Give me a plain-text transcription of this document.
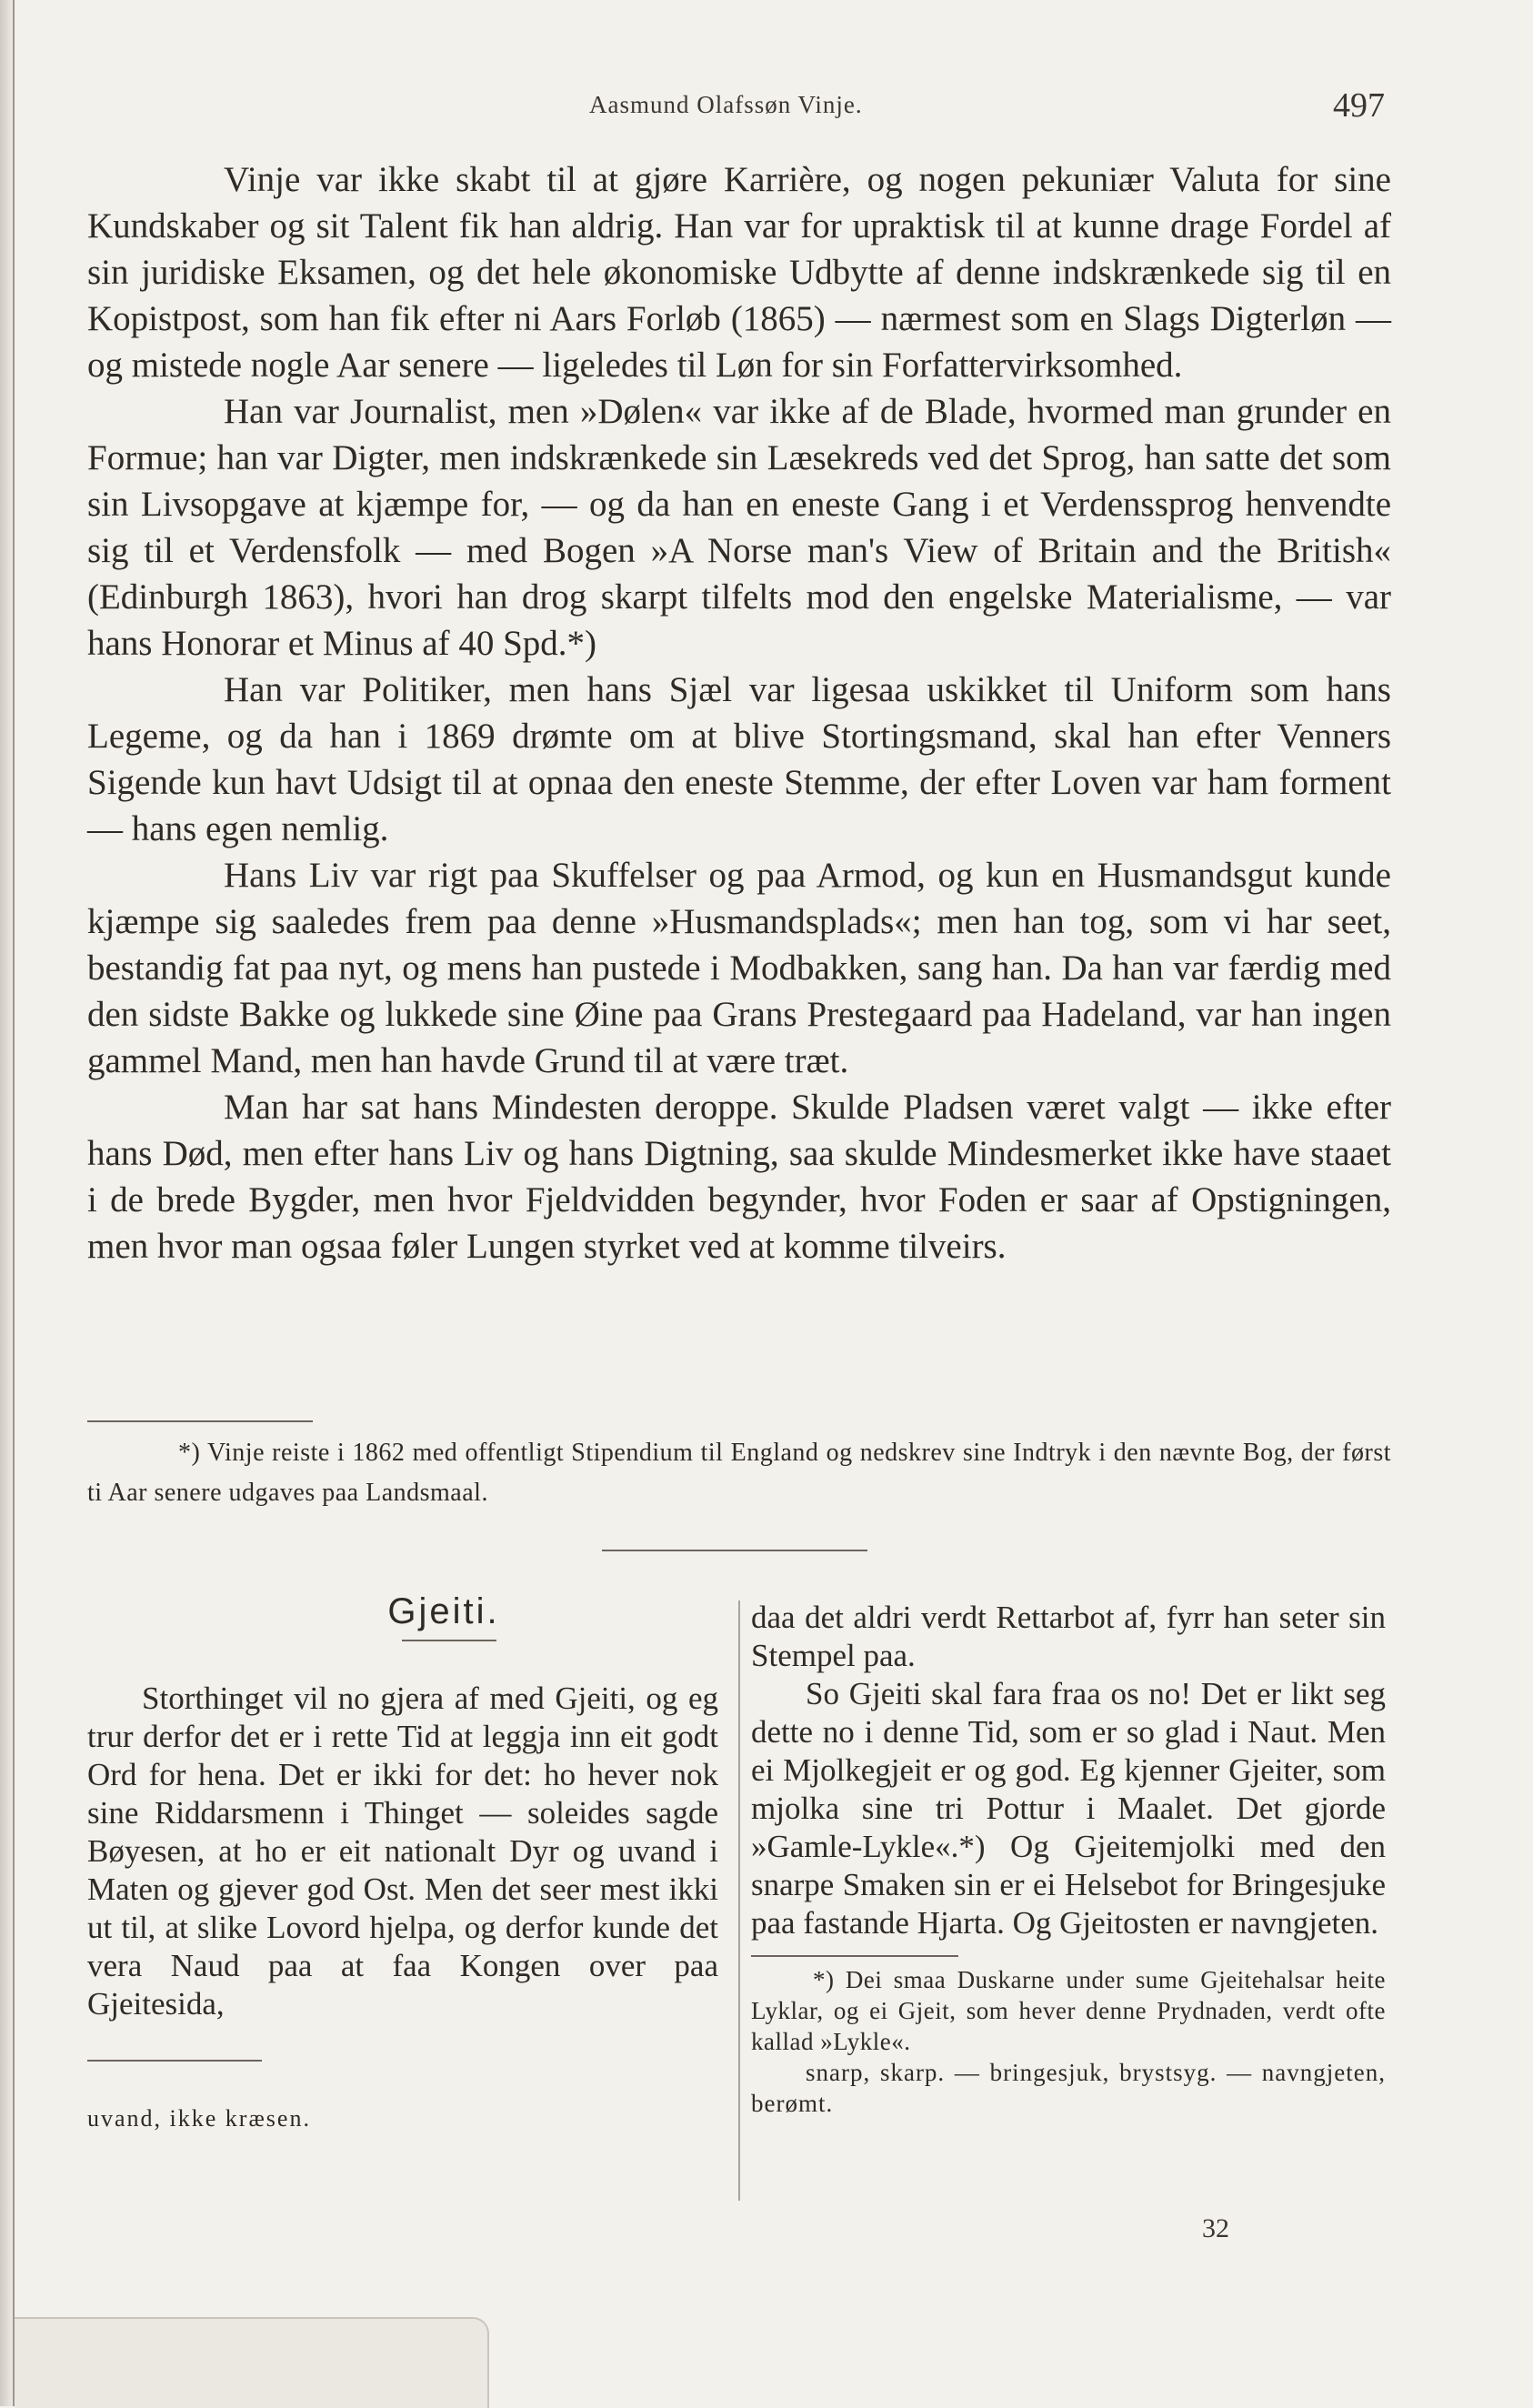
Aasmund Olafssøn Vinje.	497

Vinje var ikke skabt til at gjøre Karrière, og nogen pekuniær Valuta for sine Kundskaber og sit Talent fik han aldrig. Han var for upraktisk til at kunne drage Fordel af sin juridiske Eksamen, og det hele økonomiske Udbytte af denne indskrænkede sig til en Kopistpost, som han fik efter ni Aars Forløb (1865) — nærmest som en Slags Digterløn — og mistede nogle Aar senere — ligeledes til Løn for sin Forfattervirksomhed.

Han var Journalist, men »Dølen« var ikke af de Blade, hvormed man grunder en Formue; han var Digter, men indskrænkede sin Læsekreds ved det Sprog, han satte det som sin Livsopgave at kjæmpe for, — og da han en eneste Gang i et Verdenssprog henvendte sig til et Verdensfolk — med Bogen »A Norse man's View of Britain and the British« (Edinburgh 1863), hvori han drog skarpt tilfelts mod den engelske Materialisme, — var hans Honorar et Minus af 40 Spd.*)

Han var Politiker, men hans Sjæl var ligesaa uskikket til Uniform som hans Legeme, og da han i 1869 drømte om at blive Stortingsmand, skal han efter Venners Sigende kun havt Udsigt til at opnaa den eneste Stemme, der efter Loven var ham forment — hans egen nemlig.

Hans Liv var rigt paa Skuffelser og paa Armod, og kun en Husmandsgut kunde kjæmpe sig saaledes frem paa denne »Husmandsplads«; men han tog, som vi har seet, bestandig fat paa nyt, og mens han pustede i Modbakken, sang han. Da han var færdig med den sidste Bakke og lukkede sine Øine paa Grans Prestegaard paa Hadeland, var han ingen gammel Mand, men han havde Grund til at være træt.

Man har sat hans Mindesten deroppe. Skulde Pladsen været valgt — ikke efter hans Død, men efter hans Liv og hans Digtning, saa skulde Mindesmerket ikke have staaet i de brede Bygder, men hvor Fjeldvidden begynder, hvor Foden er saar af Opstigningen, men hvor man ogsaa føler Lungen styrket ved at komme tilveirs.

*) Vinje reiste i 1862 med offentligt Stipendium til England og nedskrev sine Indtryk i den nævnte Bog, der først ti Aar senere udgaves paa Landsmaal.
Gjeiti.

Storthinget vil no gjera af med Gjeiti, og eg trur derfor det er i rette Tid at leggja inn eit godt Ord for hena. Det er ikki for det: ho hever nok sine Riddarsmenn i Thinget — soleides sagde Bøyesen, at ho er eit nationalt Dyr og uvand i Maten og gjever god Ost. Men det seer mest ikki ut til, at slike Lovord hjelpa, og derfor kunde det vera Naud paa at faa Kongen over paa Gjeitesida,

uvand, ikke kræsen.

daa det aldri verdt Rettarbot af, fyrr han seter sin Stempel paa.

So Gjeiti skal fara fraa os no! Det er likt seg dette no i denne Tid, som er so glad i Naut. Men ei Mjolkegjeit er og god. Eg kjenner Gjeiter, som mjolka sine tri Pottur i Maalet. Det gjorde »Gamle-Lykle«.*) Og Gjeitemjolki med den snarpe Smaken sin er ei Helsebot for Bringesjuke paa fastande Hjarta. Og Gjeitosten er navngjeten.

*) Dei smaa Duskarne under sume Gjeitehalsar heite Lyklar, og ei Gjeit, som hever denne Prydnaden, verdt ofte kallad »Lykle«.
snarp, skarp. — bringesjuk, brystsyg. — navngjeten, berømt.
32
